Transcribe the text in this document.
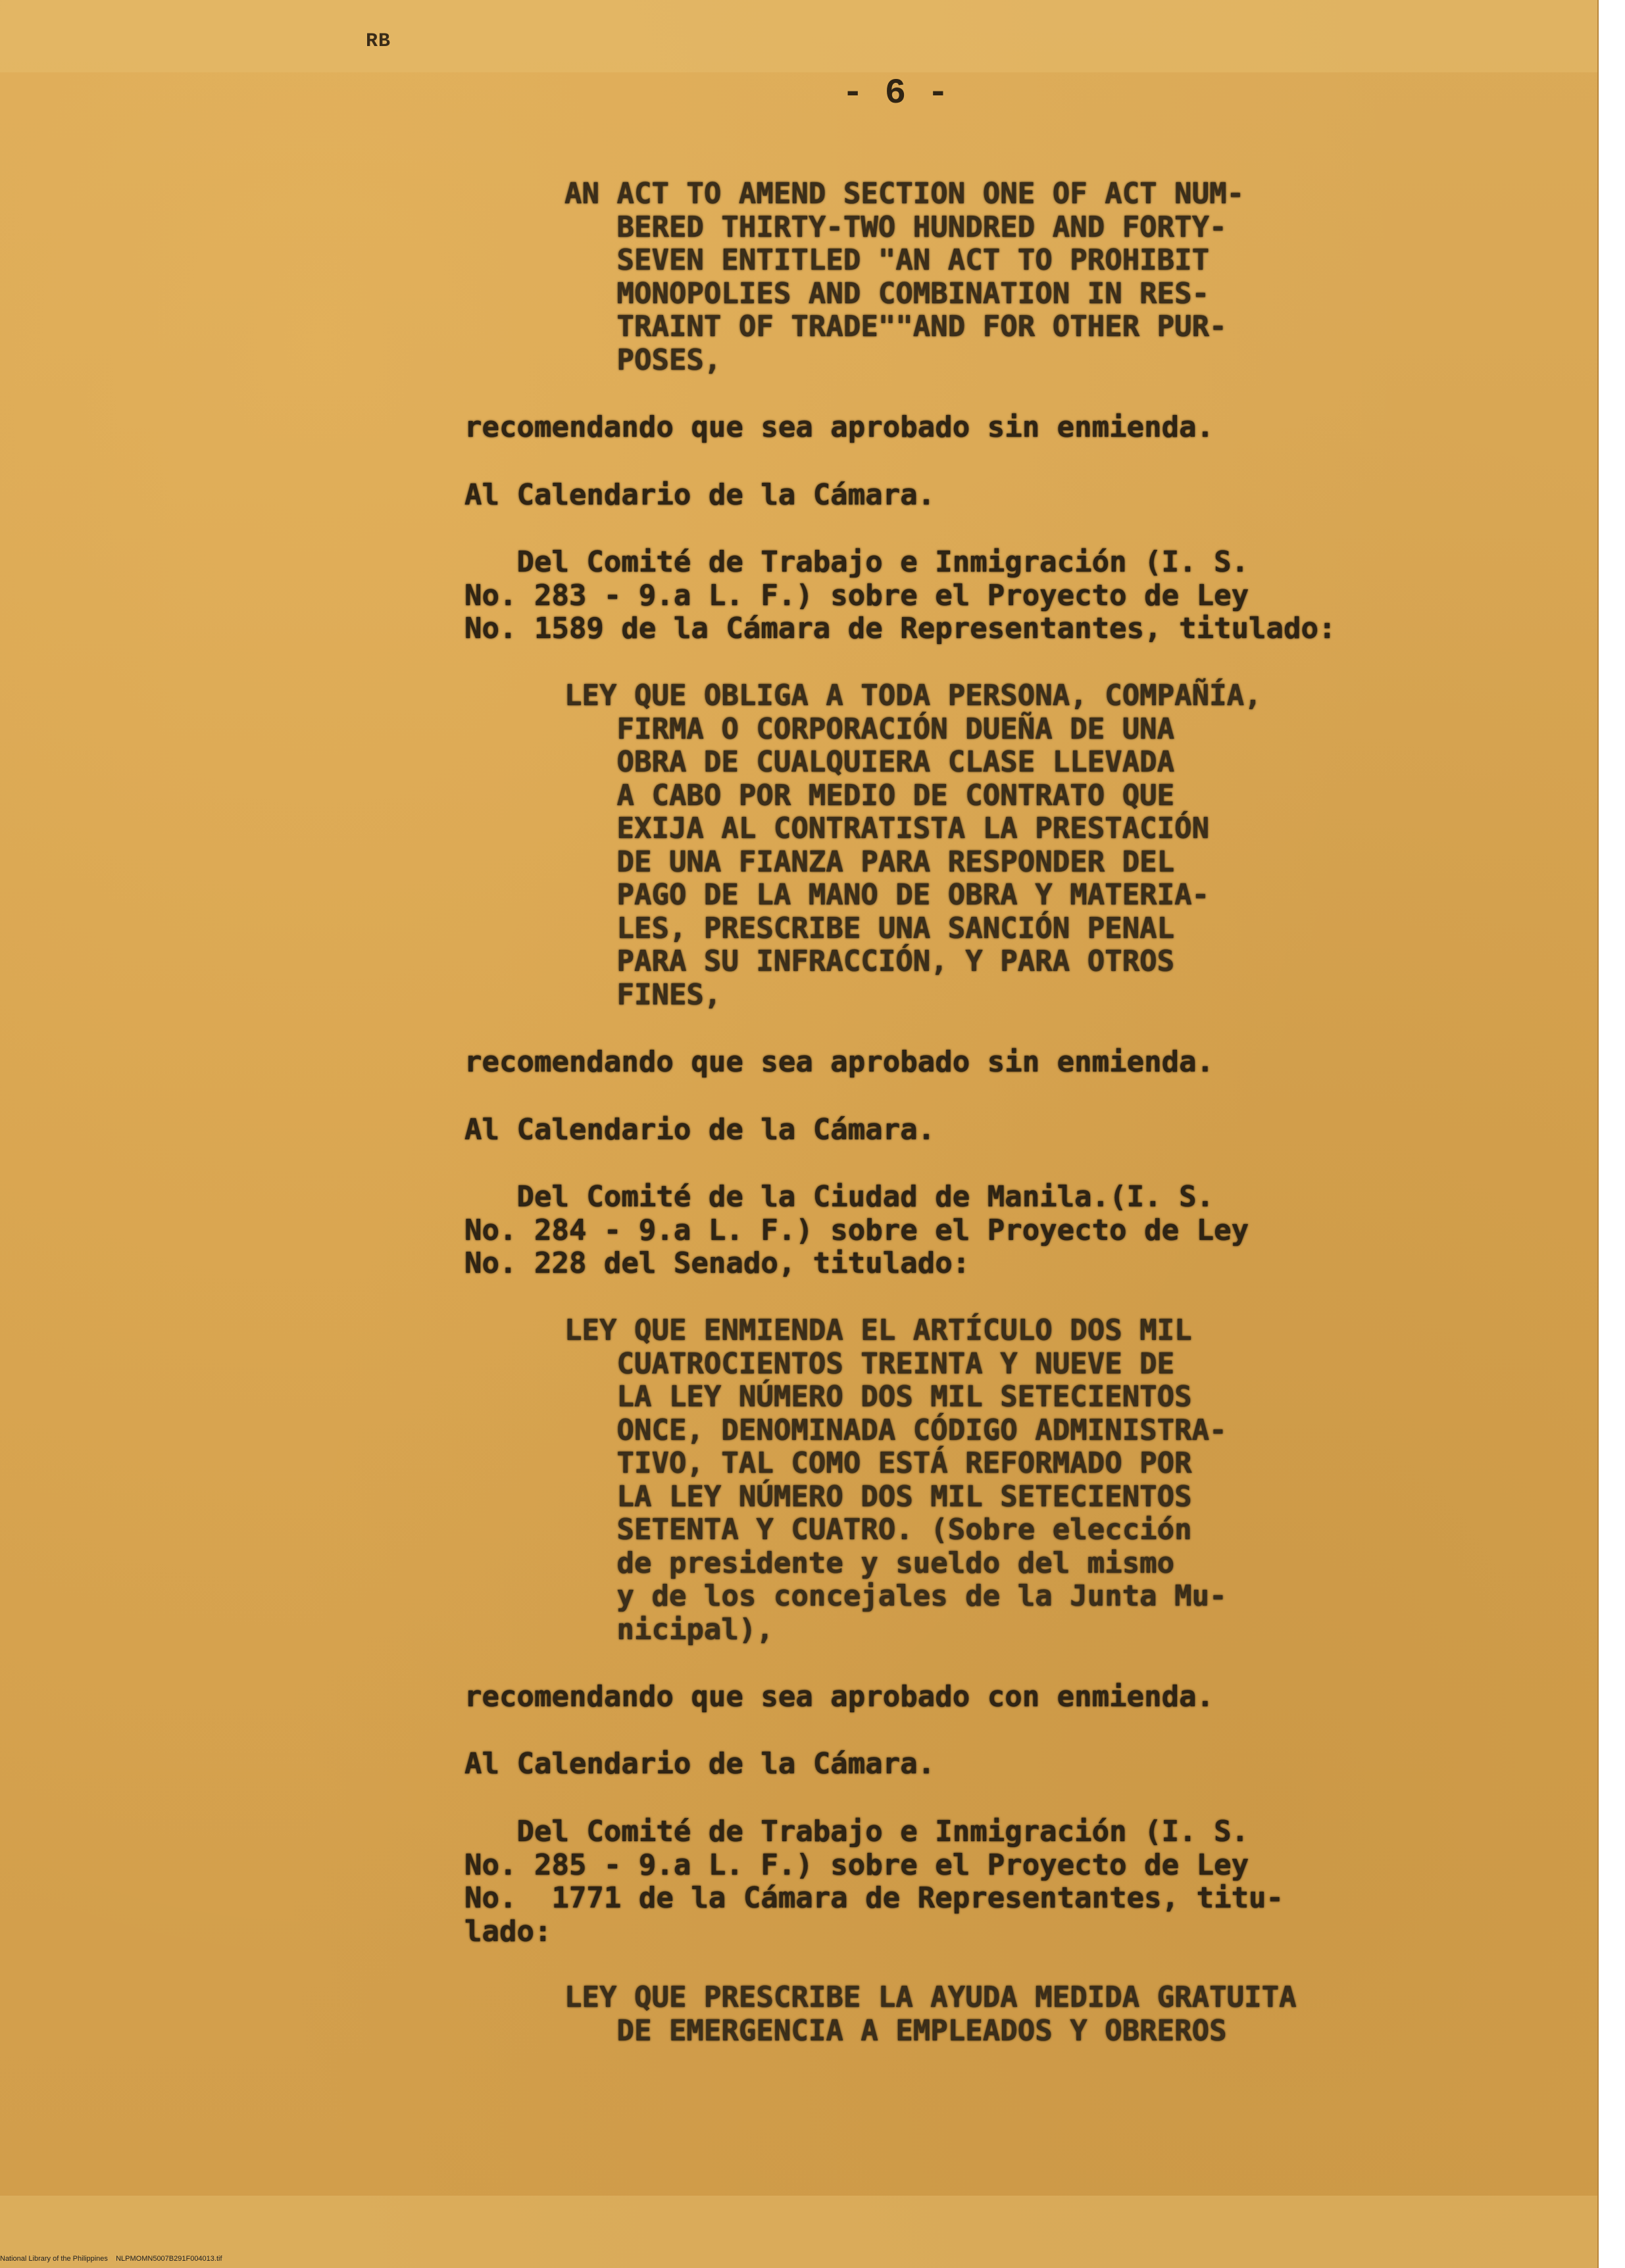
RB
- 6 -
AN ACT TO AMEND SECTION ONE OF ACT NUM-
BERED THIRTY-TWO HUNDRED AND FORTY-
SEVEN ENTITLED "AN ACT TO PROHIBIT
MONOPOLIES AND COMBINATION IN RES-
TRAINT OF TRADE""AND FOR OTHER PUR-
POSES,
recomendando que sea aprobado sin enmienda.
Al Calendario de la Cámara.
Del Comité de Trabajo e Inmigración (I. S.
No. 283 - 9.a L. F.) sobre el Proyecto de Ley
No. 1589 de la Cámara de Representantes, titulado:
LEY QUE OBLIGA A TODA PERSONA, COMPAÑÍA,
FIRMA O CORPORACIÓN DUEÑA DE UNA
OBRA DE CUALQUIERA CLASE LLEVADA
A CABO POR MEDIO DE CONTRATO QUE
EXIJA AL CONTRATISTA LA PRESTACIÓN
DE UNA FIANZA PARA RESPONDER DEL
PAGO DE LA MANO DE OBRA Y MATERIA-
LES, PRESCRIBE UNA SANCIÓN PENAL
PARA SU INFRACCIÓN, Y PARA OTROS
FINES,
recomendando que sea aprobado sin enmienda.
Al Calendario de la Cámara.
Del Comité de la Ciudad de Manila.(I. S.
No. 284 - 9.a L. F.) sobre el Proyecto de Ley
No. 228 del Senado, titulado:
LEY QUE ENMIENDA EL ARTÍCULO DOS MIL
CUATROCIENTOS TREINTA Y NUEVE DE
LA LEY NÚMERO DOS MIL SETECIENTOS
ONCE, DENOMINADA CÓDIGO ADMINISTRA-
TIVO, TAL COMO ESTÁ REFORMADO POR
LA LEY NÚMERO DOS MIL SETECIENTOS
SETENTA Y CUATRO. (Sobre elección
de presidente y sueldo del mismo
y de los concejales de la Junta Mu-
nicipal),
recomendando que sea aprobado con enmienda.
Al Calendario de la Cámara.
Del Comité de Trabajo e Inmigración (I. S.
No. 285 - 9.a L. F.) sobre el Proyecto de Ley
No.  1771 de la Cámara de Representantes, titu-
lado:
LEY QUE PRESCRIBE LA AYUDA MEDIDA GRATUITA
DE EMERGENCIA A EMPLEADOS Y OBREROS
National Library of the Philippines    NLPMOMN5007B291F004013.tif
